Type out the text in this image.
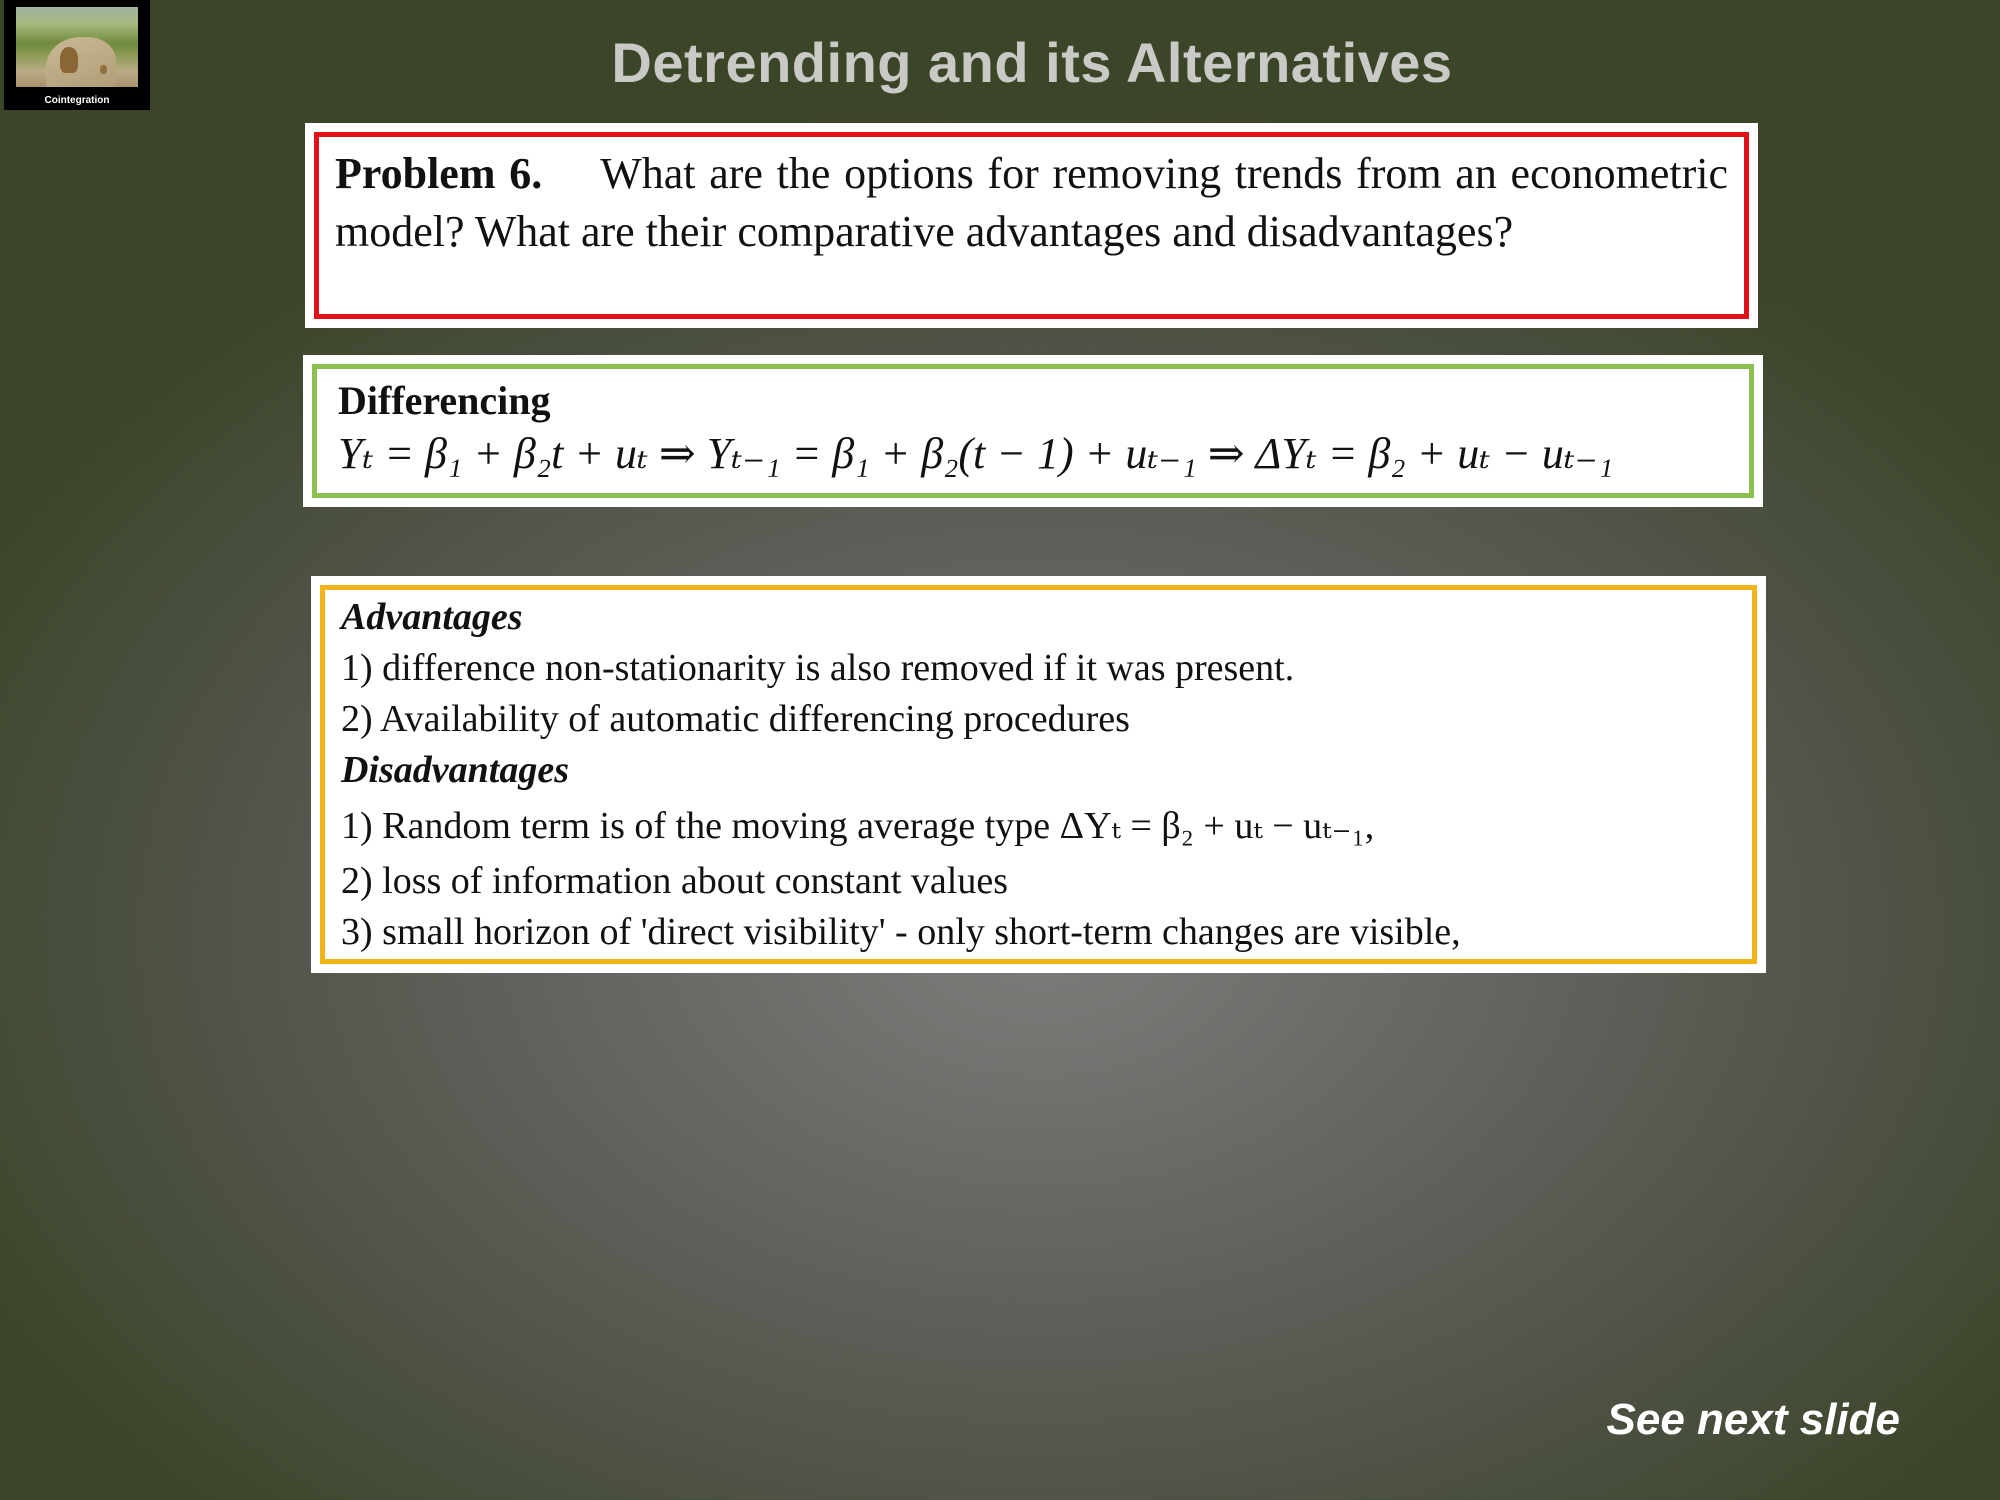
Cointegration
Detrending and its Alternatives
Problem 6. What are the options for removing trends from an econometric model? What are their comparative advantages and disadvantages?
Differencing
Yₜ = β₁ + β₂t + uₜ ⇒ Yₜ₋₁ = β₁ + β₂(t − 1) + uₜ₋₁ ⇒ ΔYₜ = β₂ + uₜ − uₜ₋₁
Advantages
1) difference non-stationarity is also removed if it was present.
2) Availability of automatic differencing procedures
Disadvantages
1) Random term is of the moving average type ΔYₜ = β₂ + uₜ − uₜ₋₁,
2) loss of information about constant values
3) small horizon of 'direct visibility' - only short-term changes are visible,
See next slide
